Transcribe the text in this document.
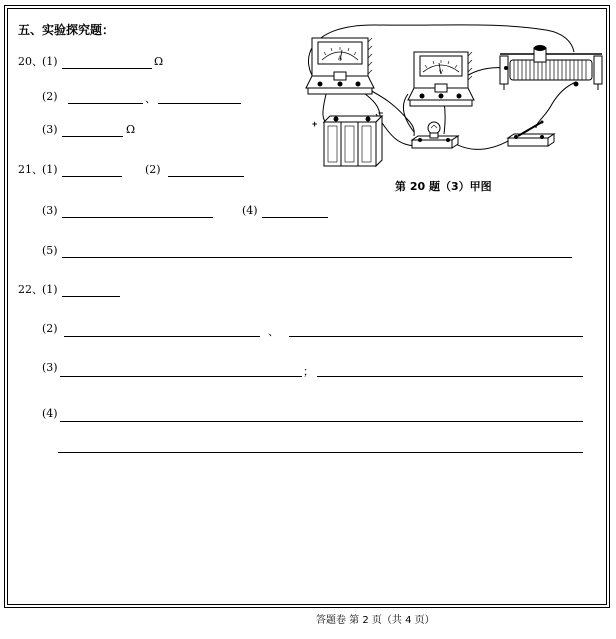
五、实验探究题：
20、 (1)	Ω
(2)	、
(3)	Ω
21、 (1)	(2)
(3)	(4)
(5)
22、 (1)
(2)	、
(3)	；
(4)
A
V
+
−
第 20 题（3）甲图
答题卷 第 2 页（共 4 页）
